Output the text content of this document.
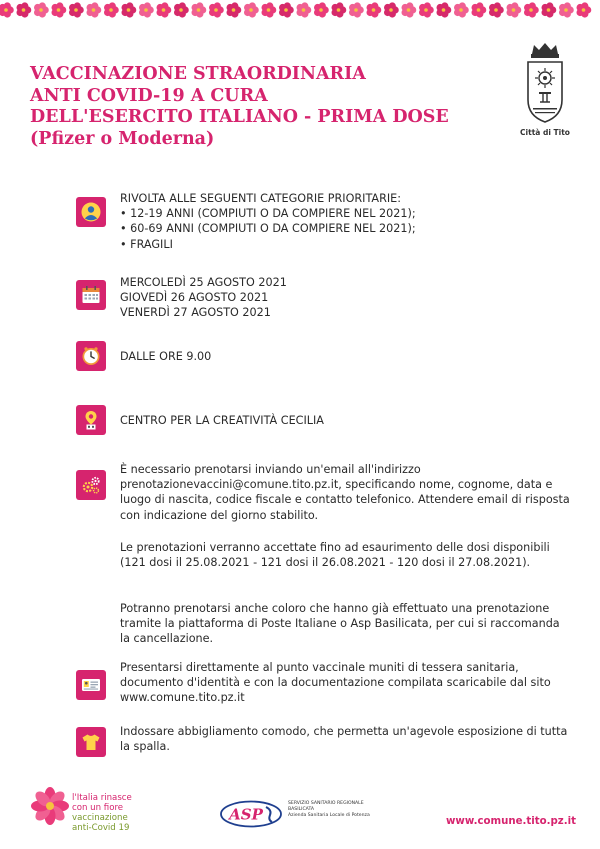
VACCINAZIONE STRAORDINARIA
ANTI COVID-19 A CURA
DELL'ESERCITO ITALIANO - PRIMA DOSE
(Pfizer o Moderna)	Città di Tito
RIVOLTA ALLE SEGUENTI CATEGORIE PRIORITARIE:
• 12-19 ANNI (COMPIUTI O DA COMPIERE NEL 2021);
• 60-69 ANNI (COMPIUTI O DA COMPIERE NEL 2021);
• FRAGILI
MERCOLEDÌ 25 AGOSTO 2021
GIOVEDÌ 26 AGOSTO 2021
VENERDÌ 27 AGOSTO 2021
DALLE ORE 9.00
CENTRO PER LA CREATIVITÀ CECILIA
È necessario prenotarsi inviando un'email all'indirizzo prenotazionevaccini@comune.tito.pz.it, specificando nome, cognome, data e luogo di nascita, codice fiscale e contatto telefonico. Attendere email di risposta con indicazione del giorno stabilito.
Le prenotazioni verranno accettate fino ad esaurimento delle dosi disponibili (121 dosi il 25.08.2021 - 121 dosi il 26.08.2021 - 120 dosi il 27.08.2021).
Potranno prenotarsi anche coloro che hanno già effettuato una prenotazione tramite la piattaforma di Poste Italiane o Asp Basilicata, per cui si raccomanda la cancellazione.
Presentarsi direttamente al punto vaccinale muniti di tessera sanitaria, documento d'identità e con la documentazione compilata scaricabile dal sito www.comune.tito.pz.it
Indossare abbigliamento comodo, che permetta un'agevole esposizione di tutta la spalla.
l'Italia rinasce
con un fiore
vaccinazione
anti-Covid 19
ASP
SERVIZIO SANITARIO REGIONALE
BASILICATA
Azienda Sanitaria Locale di Potenza
www.comune.tito.pz.it
